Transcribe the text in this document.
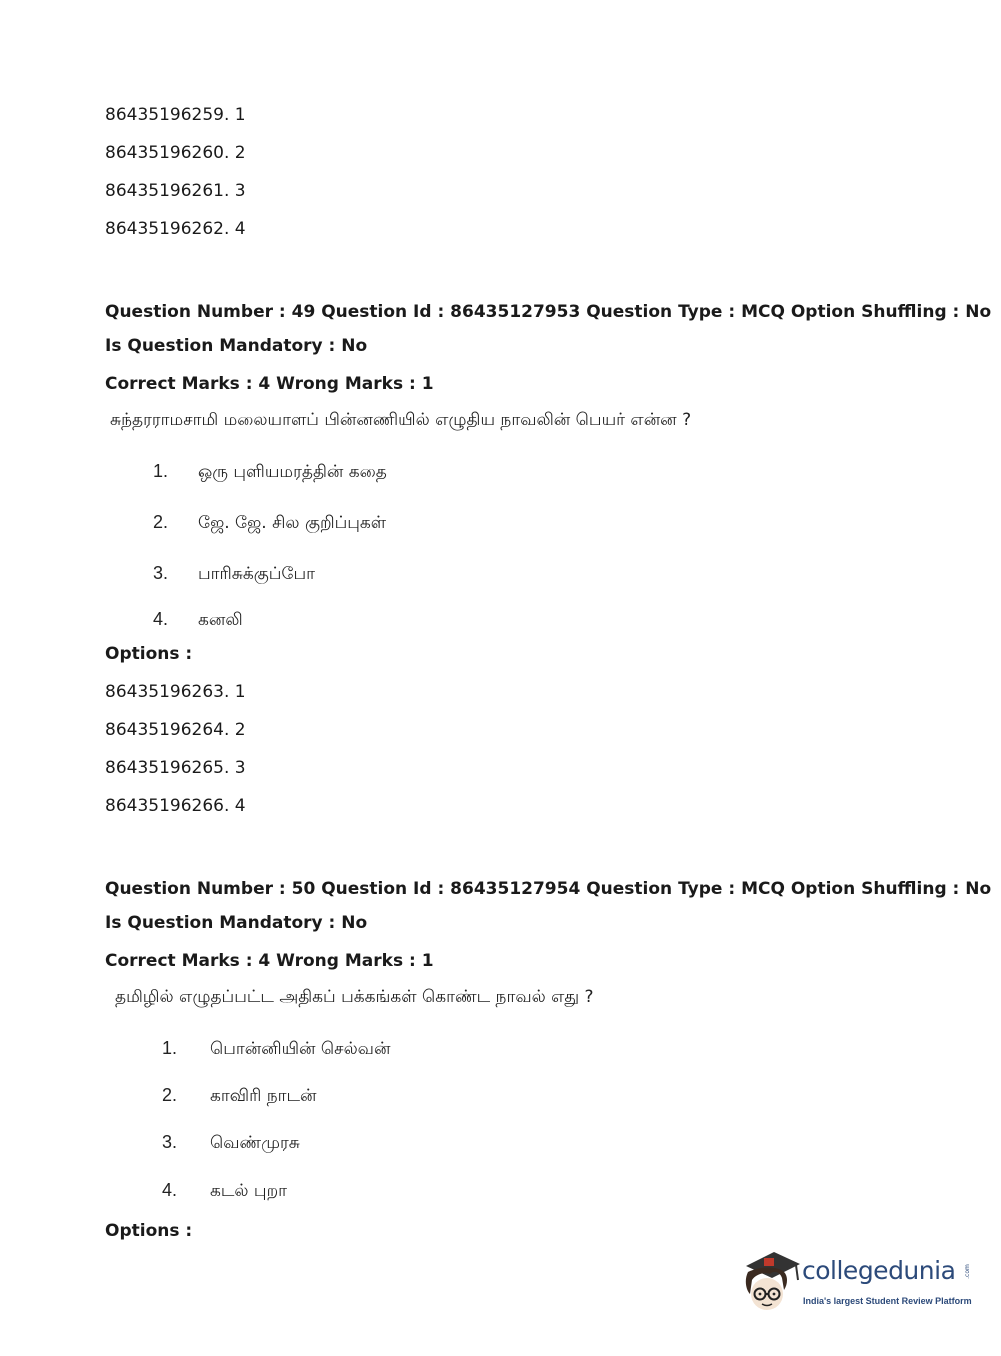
86435196259. 1
86435196260. 2
86435196261. 3
86435196262. 4
Question Number : 49 Question Id : 86435127953 Question Type : MCQ Option Shuffling : No
Is Question Mandatory : No
Correct Marks : 4 Wrong Marks : 1
சுந்தரராமசாமி மலையாளப் பின்னணியில் எழுதிய நாவலின் பெயர் என்ன ?
1. ஒரு புளியமரத்தின் கதை
2. ஜே. ஜே. சில குறிப்புகள்
3. பாரிசுக்குப்போ
4. கனலி
Options :
86435196263. 1
86435196264. 2
86435196265. 3
86435196266. 4
Question Number : 50 Question Id : 86435127954 Question Type : MCQ Option Shuffling : No
Is Question Mandatory : No
Correct Marks : 4 Wrong Marks : 1
தமிழில் எழுதப்பட்ட அதிகப் பக்கங்கள் கொண்ட நாவல் எது ?
1. பொன்னியின் செல்வன்
2. காவிரி நாடன்
3. வெண்முரசு
4. கடல் புறா
Options :
collegedunia .com
India's largest Student Review Platform
